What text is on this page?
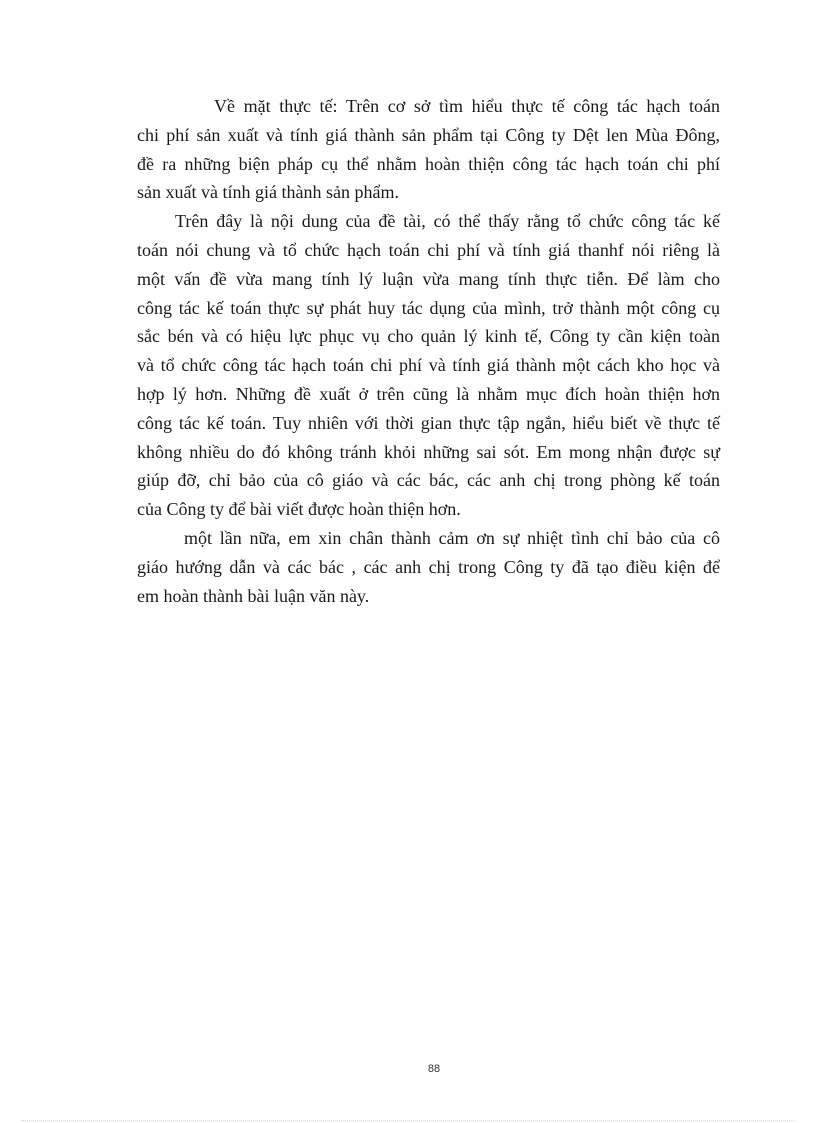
Về mặt thực tế: Trên cơ sở tìm hiểu thực tế công tác hạch toán
chi phí sản xuất và tính giá thành sản phẩm tại Công ty Dệt len Mùa Đông,
đề ra những biện pháp cụ thể nhằm hoàn thiện công tác hạch toán chi phí
sản xuất và tính giá thành sản phẩm.
Trên đây là nội dung của đề tài, có thể thấy rằng tổ chức công tác kế
toán nói chung và tổ chức hạch toán chi phí và tính giá thanhf nói riêng là
một vấn đề vừa mang tính lý luận vừa mang tính thực tiễn. Để làm cho
công tác kế toán thực sự phát huy tác dụng của mình, trở thành một công cụ
sắc bén và có hiệu lực phục vụ cho quản lý kinh tế, Công ty cần kiện toàn
và tổ chức công tác hạch toán chi phí và tính giá thành một cách kho học và
hợp lý hơn. Những đề xuất ở trên cũng là nhằm mục đích hoàn thiện hơn
công tác kế toán. Tuy nhiên với thời gian thực tập ngắn, hiểu biết về thực tế
không nhiều do đó không tránh khỏi những sai sót. Em mong nhận được sự
giúp đỡ, chỉ bảo của cô giáo và các bác, các anh chị trong phòng kế toán
của Công ty để bài viết được hoàn thiện hơn.
một lần nữa, em xin chân thành cảm ơn sự nhiệt tình chỉ bảo của cô
giáo hướng dẫn và các bác , các anh chị trong Công ty đã tạo điều kiện để
em hoàn thành bài luận văn này.
88
